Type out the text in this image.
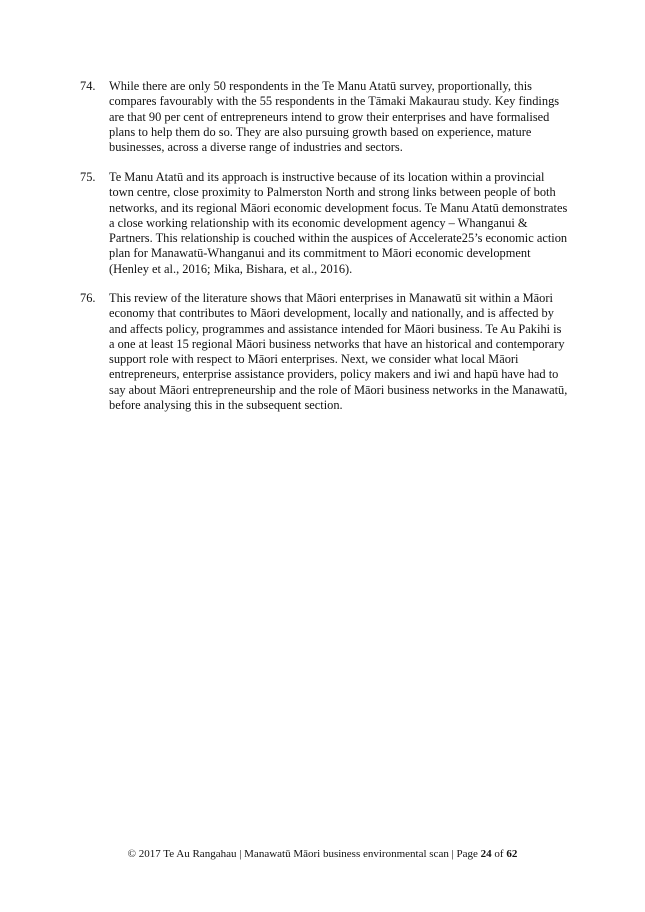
74.	While there are only 50 respondents in the Te Manu Atatū survey, proportionally, this compares favourably with the 55 respondents in the Tāmaki Makaurau study. Key findings are that 90 per cent of entrepreneurs intend to grow their enterprises and have formalised plans to help them do so. They are also pursuing growth based on experience, mature businesses, across a diverse range of industries and sectors.
75.	Te Manu Atatū and its approach is instructive because of its location within a provincial town centre, close proximity to Palmerston North and strong links between people of both networks, and its regional Māori economic development focus. Te Manu Atatū demonstrates a close working relationship with its economic development agency – Whanganui & Partners. This relationship is couched within the auspices of Accelerate25’s economic action plan for Manawatū-Whanganui and its commitment to Māori economic development (Henley et al., 2016; Mika, Bishara, et al., 2016).
76.	This review of the literature shows that Māori enterprises in Manawatū sit within a Māori economy that contributes to Māori development, locally and nationally, and is affected by and affects policy, programmes and assistance intended for Māori business. Te Au Pakihi is a one at least 15 regional Māori business networks that have an historical and contemporary support role with respect to Māori enterprises. Next, we consider what local Māori entrepreneurs, enterprise assistance providers, policy makers and iwi and hapū have had to say about Māori entrepreneurship and the role of Māori business networks in the Manawatū, before analysing this in the subsequent section.
© 2017 Te Au Rangahau | Manawatū Māori business environmental scan | Page 24 of 62
